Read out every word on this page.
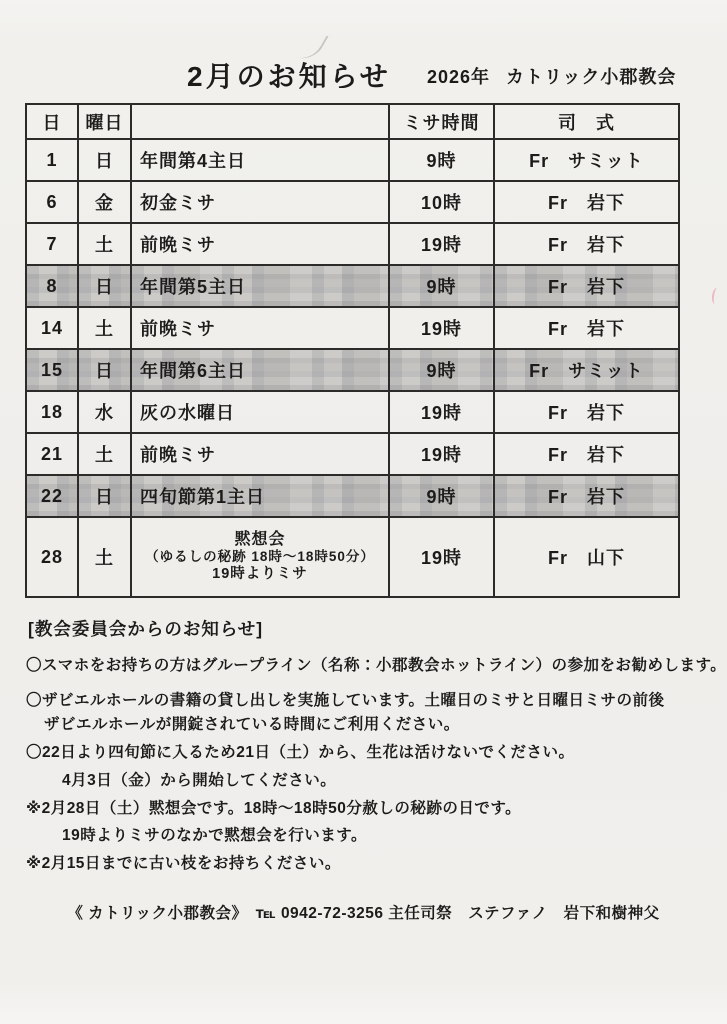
2月のお知らせ 2026年 カトリック小郡教会
日	曜日		ミサ時間	司　式
1	日	年間第4主日	9時	Fr　サミット
6	金	初金ミサ	10時	Fr　岩下
7	土	前晩ミサ	19時	Fr　岩下
8	日	年間第5主日	9時	Fr　岩下
14	土	前晩ミサ	19時	Fr　岩下
15	日	年間第6主日	9時	Fr　サミット
18	水	灰の水曜日	19時	Fr　岩下
21	土	前晩ミサ	19時	Fr　岩下
22	日	四旬節第1主日	9時	Fr　岩下
28	土	黙想会
（ゆるしの秘跡 18時～18時50分）
19時よりミサ	19時	Fr　山下
[教会委員会からのお知らせ]
〇スマホをお持ちの方はグループライン（名称：小郡教会ホットライン）の参加をお勧めします。
〇ザビエルホールの書籍の貸し出しを実施しています。土曜日のミサと日曜日ミサの前後
ザビエルホールが開錠されている時間にご利用ください。
〇22日より四旬節に入るため21日（土）から、生花は活けないでください。
4月3日（金）から開始してください。
※2月28日（土）黙想会です。18時～18時50分赦しの秘跡の日です。
19時よりミサのなかで黙想会を行います。
※2月15日までに古い枝をお持ちください。
《 カトリック小郡教会》　℡ 0942-72-3256 主任司祭　ステファノ　岩下和樹神父
